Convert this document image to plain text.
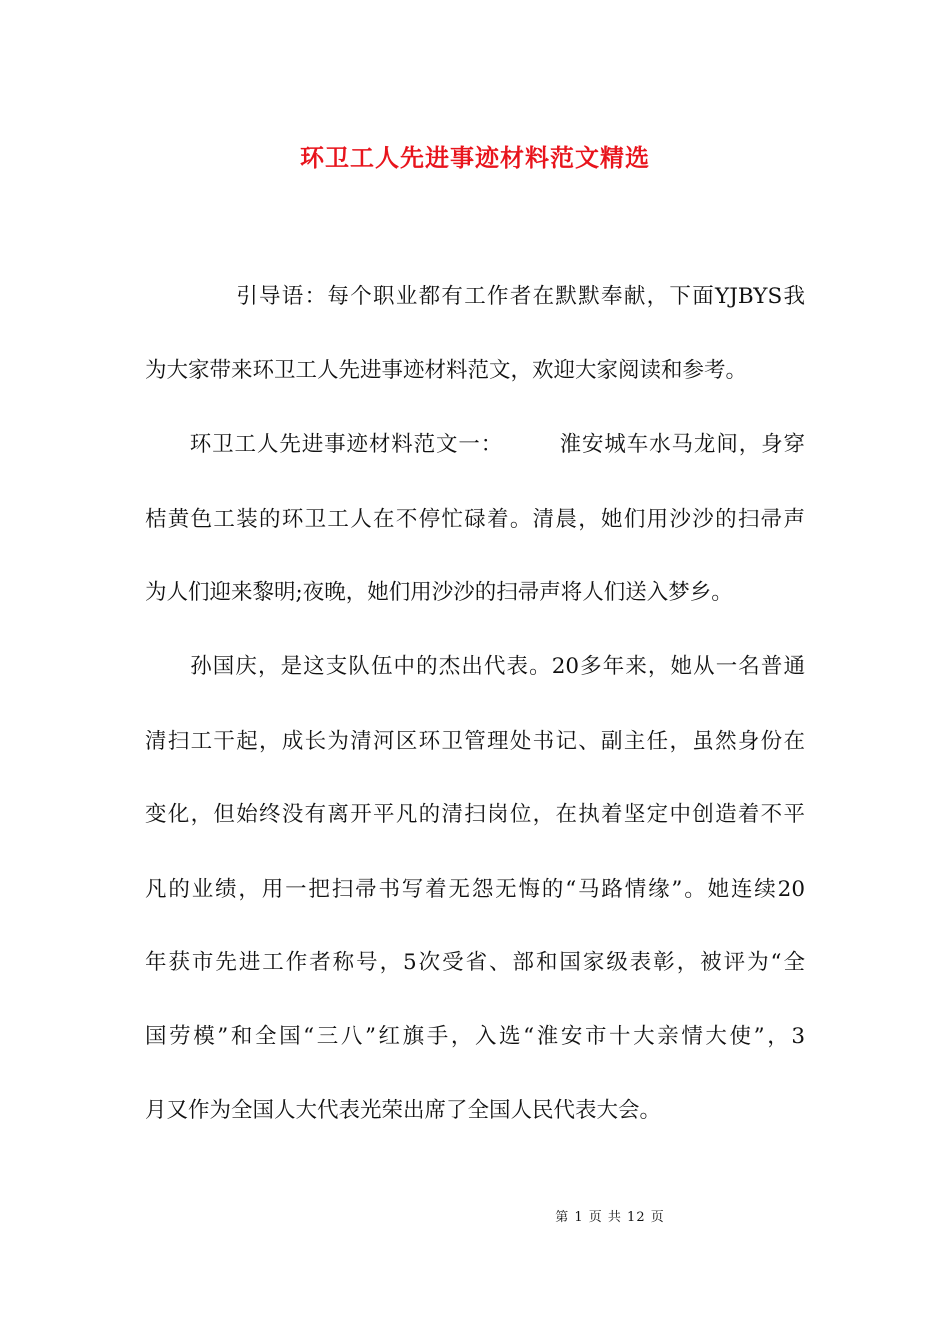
环卫工人先进事迹材料范文精选
　　　　引导语：每个职业都有工作者在默默奉献，下面YJBYS我
为大家带来环卫工人先进事迹材料范文，欢迎大家阅读和参考。
　　环卫工人先进事迹材料范文一：　　　淮安城车水马龙间，身穿
桔黄色工装的环卫工人在不停忙碌着。清晨，她们用沙沙的扫帚声
为人们迎来黎明;夜晚，她们用沙沙的扫帚声将人们送入梦乡。
　　孙国庆，是这支队伍中的杰出代表。20多年来，她从一名普通
清扫工干起，成长为清河区环卫管理处书记、副主任，虽然身份在
变化，但始终没有离开平凡的清扫岗位，在执着坚定中创造着不平
凡的业绩，用一把扫帚书写着无怨无悔的“马路情缘”。她连续20
年获市先进工作者称号，5次受省、部和国家级表彰，被评为“全
国劳模”和全国“三八”红旗手，入选“淮安市十大亲情大使”，3
月又作为全国人大代表光荣出席了全国人民代表大会。
第 1 页 共 12 页
